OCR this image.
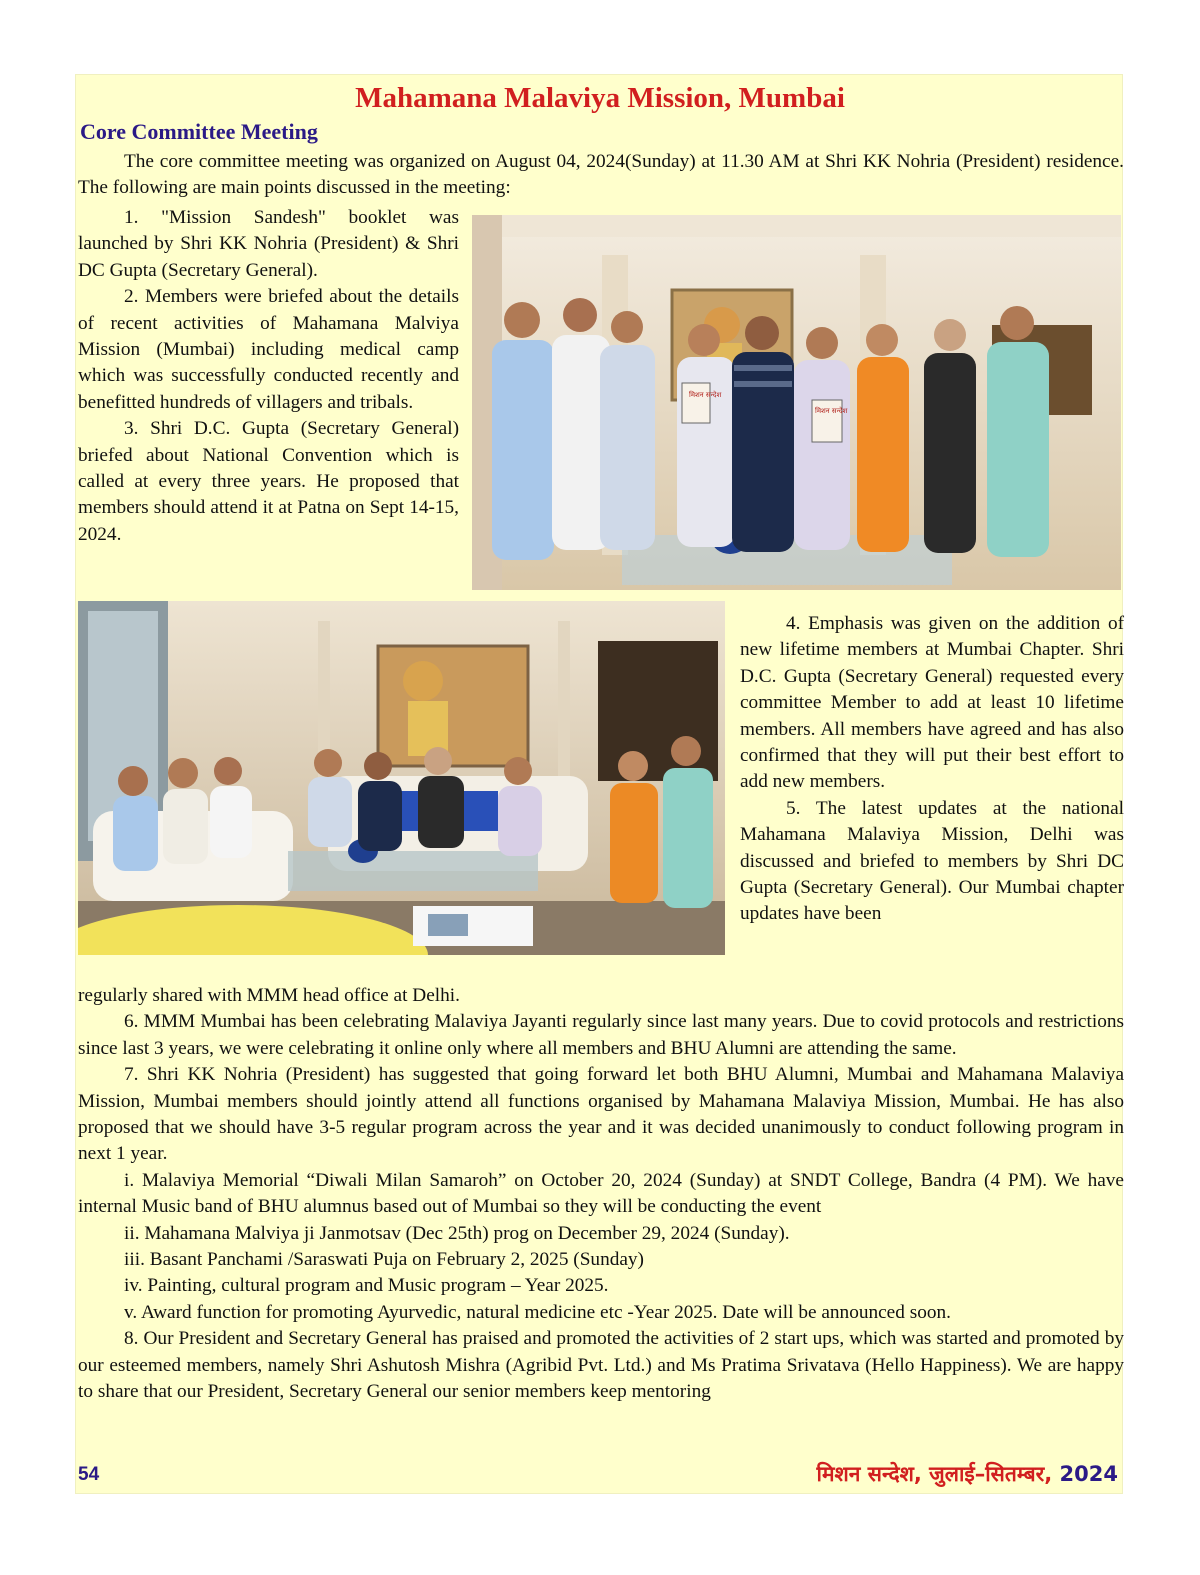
Mahamana Malaviya Mission, Mumbai
Core Committee Meeting

The core committee meeting was organized on August 04, 2024(Sunday) at 11.30 AM at Shri KK Nohria (President) residence. The following are main points discussed in the meeting:

1. "Mission Sandesh" booklet was launched by Shri KK Nohria (President) & Shri DC Gupta (Secretary General).

2. Members were briefed about the details of recent activities of Mahamana Malviya Mission (Mumbai) including medical camp which was successfully conducted recently and benefitted hundreds of villagers and tribals.

3. Shri D.C. Gupta (Secretary General) briefed about National Convention which is called at every three years. He proposed that members should attend it at Patna on Sept 14-15, 2024.

मिशन सन्देश
मिशन सन्देश

4. Emphasis was given on the addition of new lifetime members at Mumbai Chapter. Shri D.C. Gupta (Secretary General) requested every committee Member to add at least 10 lifetime members. All members have agreed and has also confirmed that they will put their best effort to add new members.

5. The latest updates at the national Mahamana Malaviya Mission, Delhi was discussed and briefed to members by Shri DC Gupta (Secretary General). Our Mumbai chapter updates have been

regularly shared with MMM head office at Delhi.

6. MMM Mumbai has been celebrating Malaviya Jayanti regularly since last many years. Due to covid protocols and restrictions since last 3 years, we were celebrating it online only where all members and BHU Alumni are attending the same.

7. Shri KK Nohria (President) has suggested that going forward let both BHU Alumni, Mumbai and Mahamana Malaviya Mission, Mumbai members should jointly attend all functions organised by Mahamana Malaviya Mission, Mumbai. He has also proposed that we should have 3-5 regular program across the year and it was decided unanimously to conduct following program in next 1 year.

i. Malaviya Memorial “Diwali Milan Samaroh” on October 20, 2024 (Sunday) at SNDT College, Bandra (4 PM). We have internal Music band of BHU alumnus based out of Mumbai so they will be conducting the event

ii. Mahamana Malviya ji Janmotsav (Dec 25th) prog on December 29, 2024 (Sunday).

iii. Basant Panchami /Saraswati Puja on February 2, 2025 (Sunday)

iv. Painting, cultural program and Music program – Year 2025.

v. Award function for promoting Ayurvedic, natural medicine etc -Year 2025. Date will be announced soon.

8. Our President and Secretary General has praised and promoted the activities of 2 start ups, which was started and promoted by our esteemed members, namely Shri Ashutosh Mishra (Agribid Pvt. Ltd.) and Ms Pratima Srivatava (Hello Happiness). We are happy to share that our President, Secretary General our senior members keep mentoring

54	मिशन सन्देश, जुलाई–सितम्बर, 2024
